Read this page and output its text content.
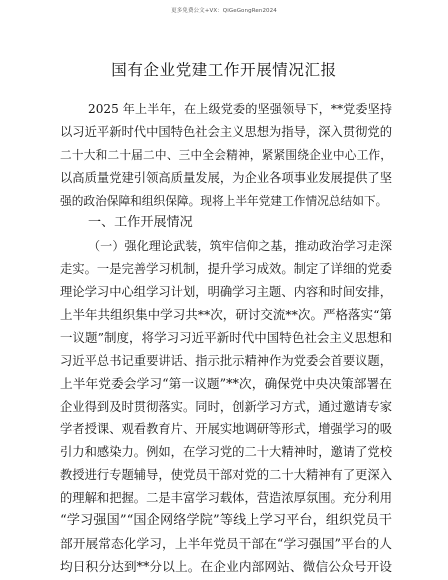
更多免费公文+VX：QiGeGongRen2024
国有企业党建工作开展情况汇报
2025 年上半年，在上级党委的坚强领导下，**党委坚持
以习近平新时代中国特色社会主义思想为指导，深入贯彻党的
二十大和二十届二中、三中全会精神，紧紧围绕企业中心工作，
以高质量党建引领高质量发展，为企业各项事业发展提供了坚
强的政治保障和组织保障。现将上半年党建工作情况总结如下。
一、工作开展情况
（一）强化理论武装，筑牢信仰之基，推动政治学习走深
走实。一是完善学习机制，提升学习成效。制定了详细的党委
理论学习中心组学习计划，明确学习主题、内容和时间安排，
上半年共组织集中学习共**次，研讨交流**次。严格落实“第
一议题”制度，将学习习近平新时代中国特色社会主义思想和
习近平总书记重要讲话、指示批示精神作为党委会首要议题，
上半年党委会学习“第一议题”**次，确保党中央决策部署在
企业得到及时贯彻落实。同时，创新学习方式，通过邀请专家
学者授课、观看教育片、开展实地调研等形式，增强学习的吸
引力和感染力。例如，在学习党的二十大精神时，邀请了党校
教授进行专题辅导，使党员干部对党的二十大精神有了更深入
的理解和把握。二是丰富学习载体，营造浓厚氛围。充分利用
“学习强国”“国企网络学院”等线上学习平台，组织党员干
部开展常态化学习，上半年党员干部在“学习强国”平台的人
均日积分达到**分以上。在企业内部网站、微信公众号开设
